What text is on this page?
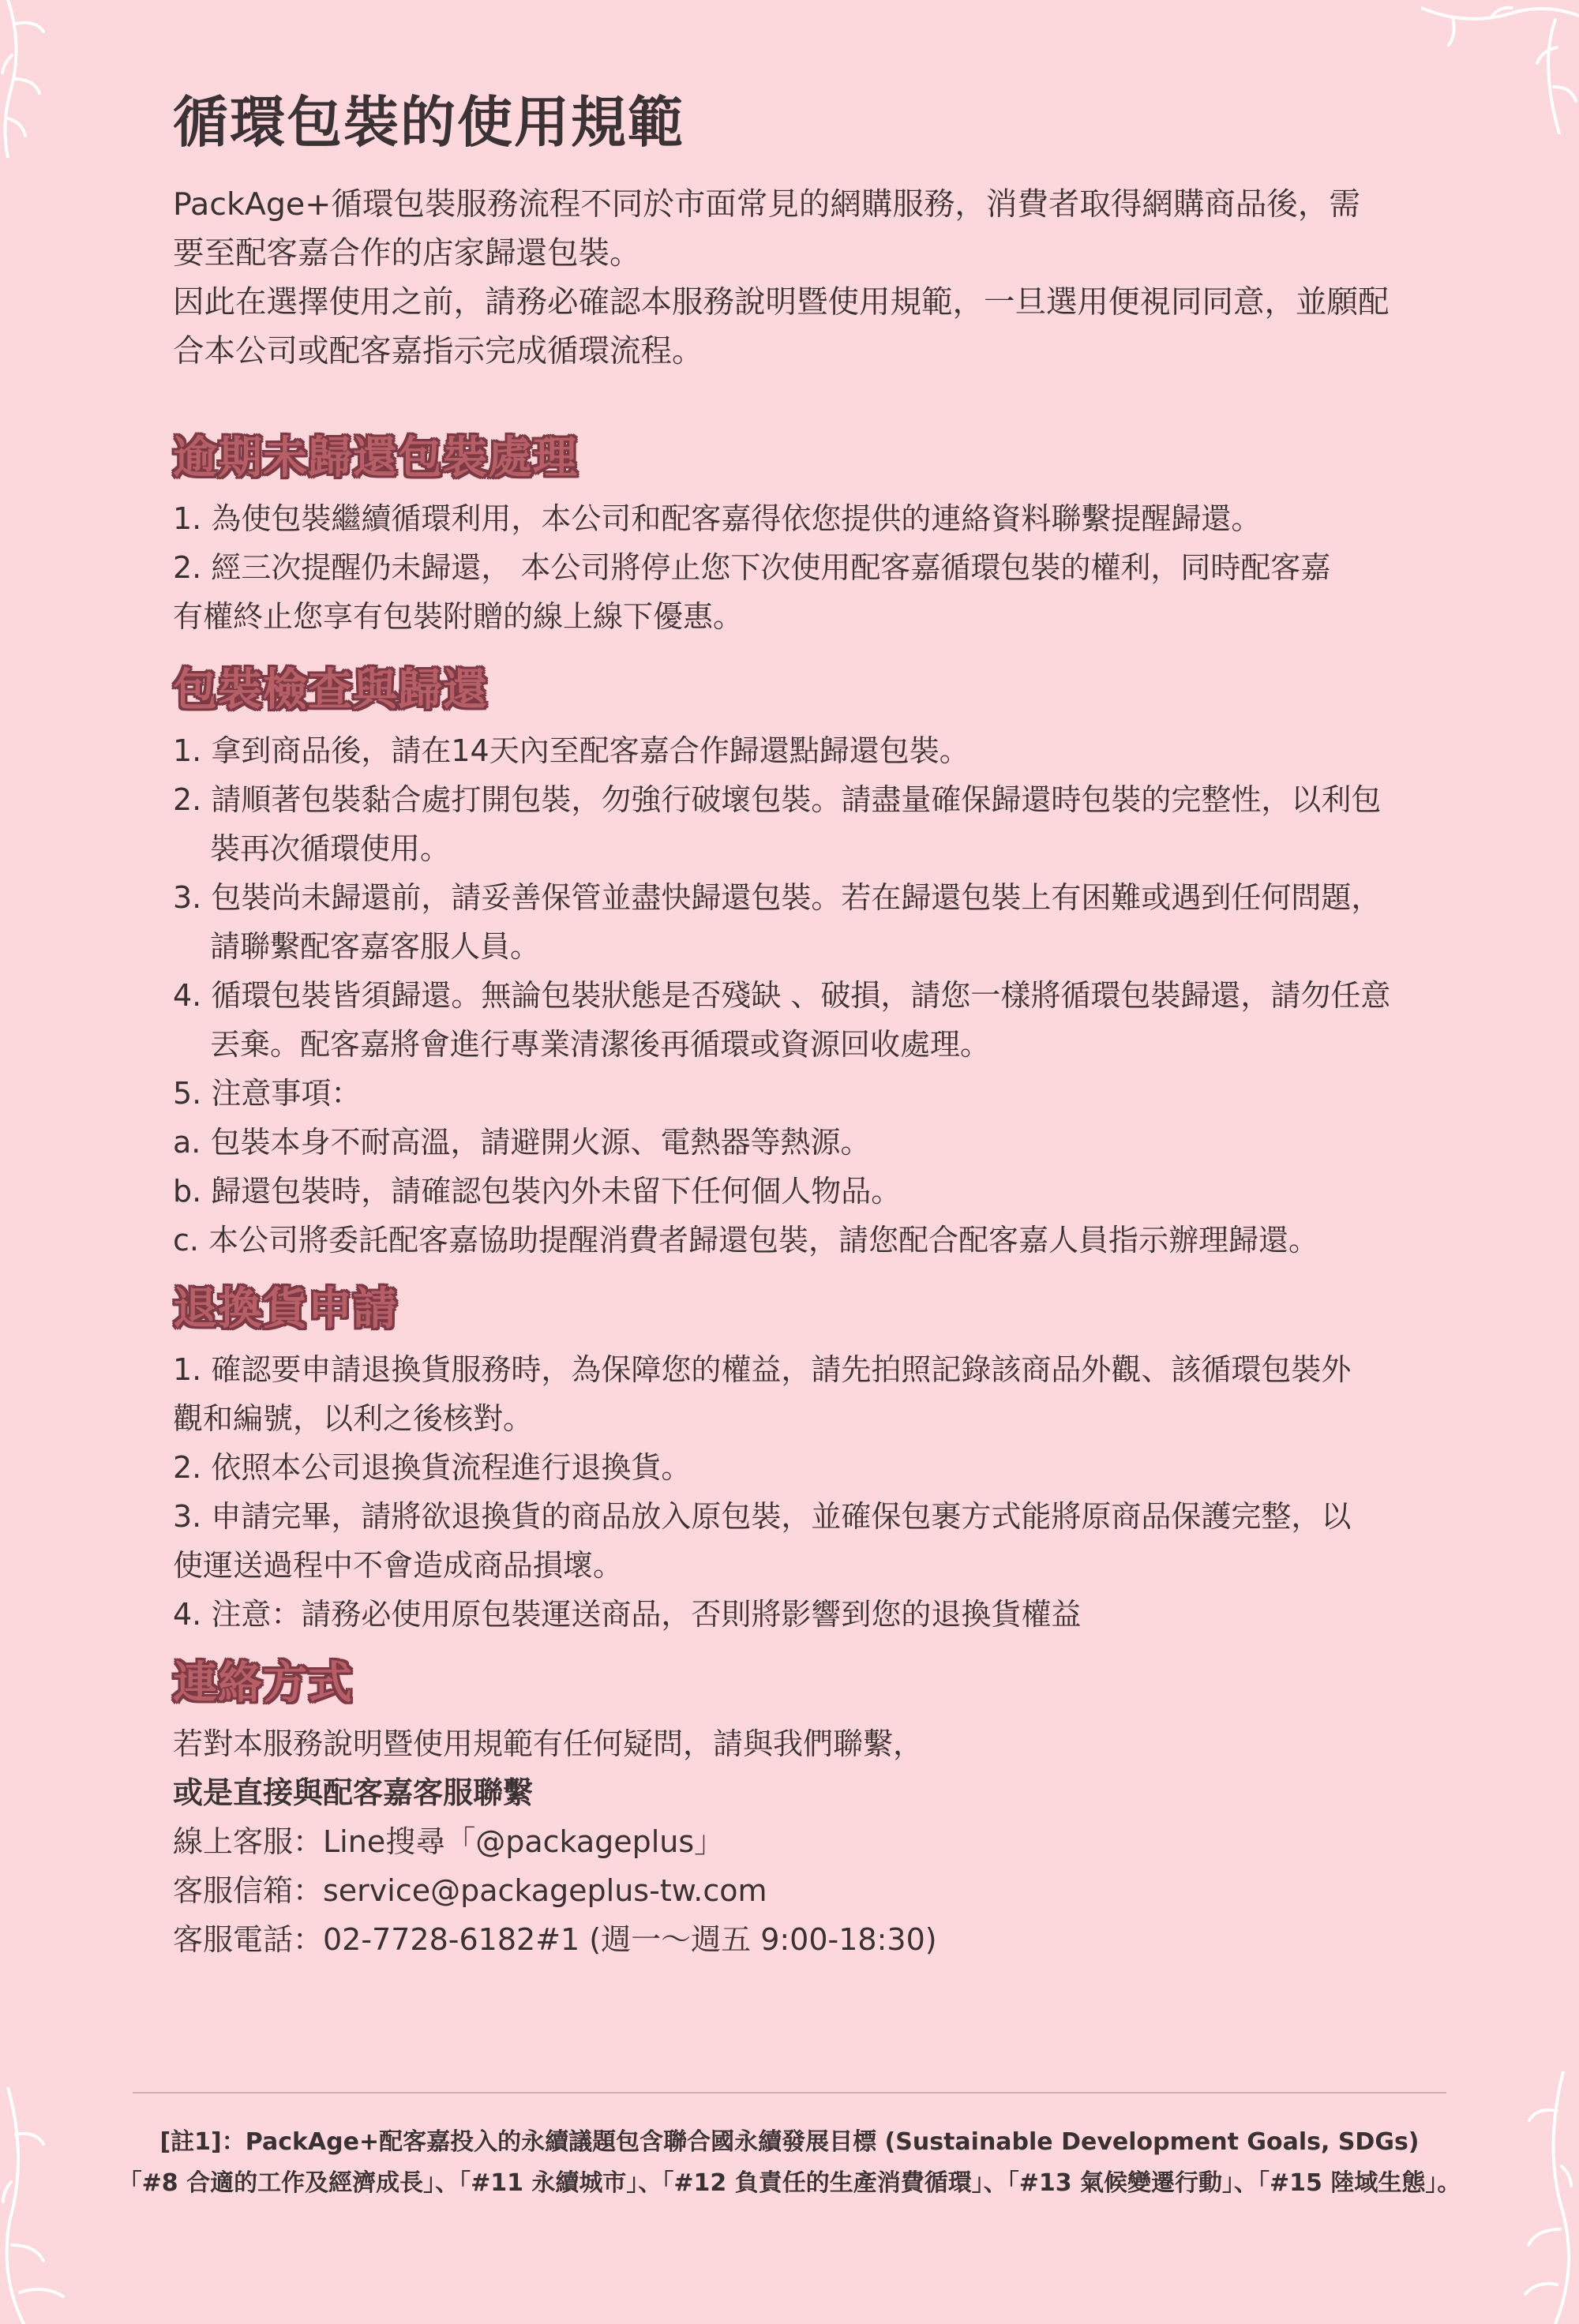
循環包裝的使用規範

PackAge+循環包裝服務流程不同於市面常見的網購服務，消費者取得網購商品後，需

要至配客嘉合作的店家歸還包裝。

因此在選擇使用之前，請務必確認本服務說明暨使用規範，一旦選用便視同同意，並願配

合本公司或配客嘉指示完成循環流程。

逾期未歸還包裝處理

1. 為使包裝繼續循環利用，本公司和配客嘉得依您提供的連絡資料聯繫提醒歸還。

2. 經三次提醒仍未歸還， 本公司將停止您下次使用配客嘉循環包裝的權利，同時配客嘉

有權終止您享有包裝附贈的線上線下優惠。

包裝檢查與歸還

1. 拿到商品後，請在14天內至配客嘉合作歸還點歸還包裝。

2. 請順著包裝黏合處打開包裝，勿強行破壞包裝。請盡量確保歸還時包裝的完整性，以利包

裝再次循環使用。

3. 包裝尚未歸還前，請妥善保管並盡快歸還包裝。若在歸還包裝上有困難或遇到任何問題，

請聯繫配客嘉客服人員。

4. 循環包裝皆須歸還。無論包裝狀態是否殘缺 、破損，請您一樣將循環包裝歸還，請勿任意

丟棄。配客嘉將會進行專業清潔後再循環或資源回收處理。

5. 注意事項：

a. 包裝本身不耐高溫，請避開火源、電熱器等熱源。

b. 歸還包裝時，請確認包裝內外未留下任何個人物品。

c. 本公司將委託配客嘉協助提醒消費者歸還包裝，請您配合配客嘉人員指示辦理歸還。

退換貨申請

1. 確認要申請退換貨服務時，為保障您的權益，請先拍照記錄該商品外觀、該循環包裝外

觀和編號，以利之後核對。

2. 依照本公司退換貨流程進行退換貨。

3. 申請完畢，請將欲退換貨的商品放入原包裝，並確保包裹方式能將原商品保護完整，以

使運送過程中不會造成商品損壞。

4. 注意：請務必使用原包裝運送商品，否則將影響到您的退換貨權益

連絡方式

若對本服務說明暨使用規範有任何疑問，請與我們聯繫，

或是直接與配客嘉客服聯繫

線上客服：Line搜尋「@packageplus」

客服信箱：service@packageplus-tw.com

客服電話：02-7728-6182#1 (週一～週五 9:00-18:30)

[註1]：PackAge+配客嘉投入的永續議題包含聯合國永續發展目標 (Sustainable Development Goals, SDGs)

「#8 合適的工作及經濟成長」、「#11 永續城市」、「#12 負責任的生產消費循環」、「#13 氣候變遷行動」、「#15 陸域生態」。
